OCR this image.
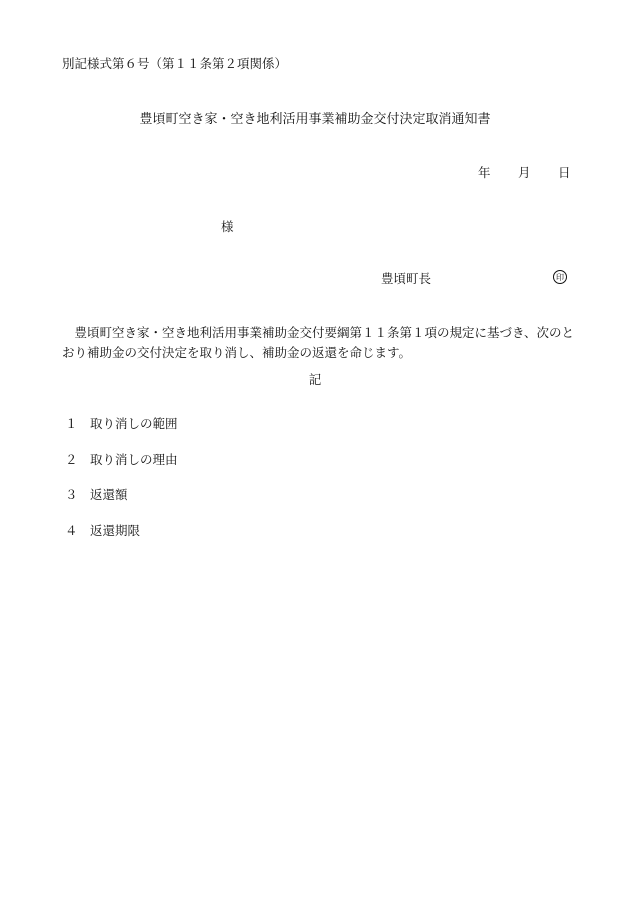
別記様式第６号（第１１条第２項関係）
豊頃町空き家・空き地利活用事業補助金交付決定取消通知書
年 月 日
様
豊頃町長	印
豊頃町空き家・空き地利活用事業補助金交付要綱第１１条第１項の規定に基づき、次のとおり補助金の交付決定を取り消し、補助金の返還を命じます。
記
１ 取り消しの範囲
２ 取り消しの理由
３ 返還額
４ 返還期限
